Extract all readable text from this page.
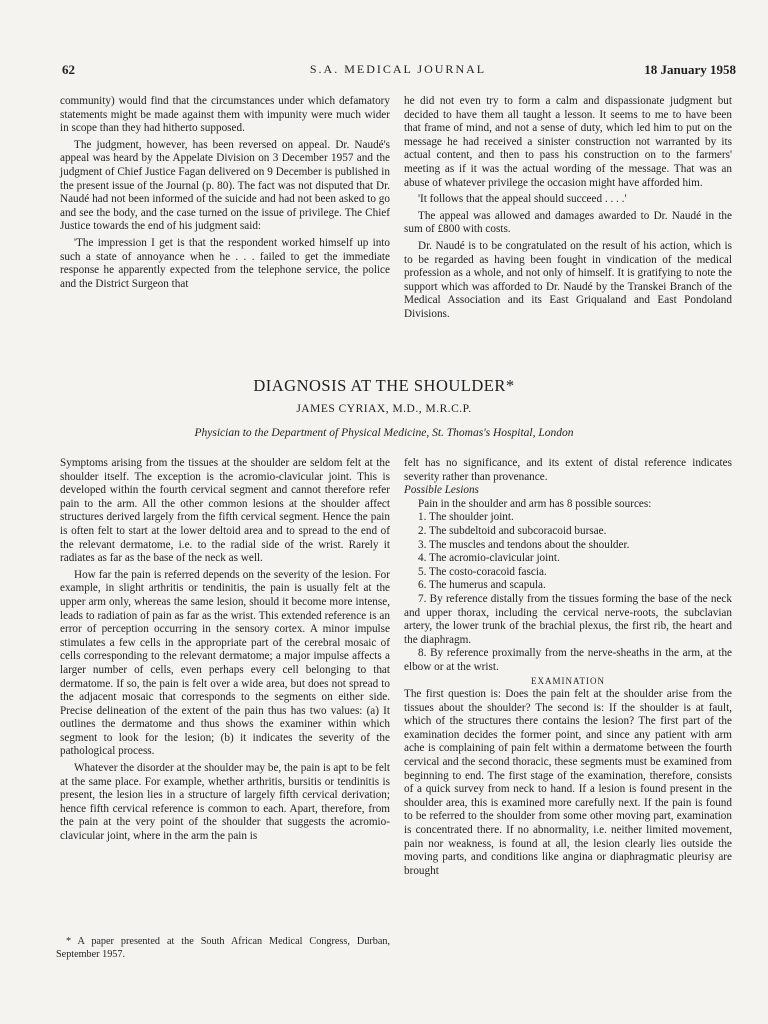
62	S.A. MEDICAL JOURNAL	18 January 1958

community) would find that the circumstances under which defamatory statements might be made against them with impunity were much wider in scope than they had hitherto supposed.

The judgment, however, has been reversed on appeal. Dr. Naudé's appeal was heard by the Appelate Division on 3 December 1957 and the judgment of Chief Justice Fagan delivered on 9 December is published in the present issue of the Journal (p. 80). The fact was not disputed that Dr. Naudé had not been informed of the suicide and had not been asked to go and see the body, and the case turned on the issue of privilege. The Chief Justice towards the end of his judgment said:

'The impression I get is that the respondent worked himself up into such a state of annoyance when he . . . failed to get the immediate response he apparently expected from the telephone service, the police and the District Surgeon that

he did not even try to form a calm and dispassionate judgment but decided to have them all taught a lesson. It seems to me to have been that frame of mind, and not a sense of duty, which led him to put on the message he had received a sinister construction not warranted by its actual content, and then to pass his construction on to the farmers' meeting as if it was the actual wording of the message. That was an abuse of whatever privilege the occasion might have afforded him.

'It follows that the appeal should succeed . . . .'

The appeal was allowed and damages awarded to Dr. Naudé in the sum of £800 with costs.

Dr. Naudé is to be congratulated on the result of his action, which is to be regarded as having been fought in vindication of the medical profession as a whole, and not only of himself. It is gratifying to note the support which was afforded to Dr. Naudé by the Transkei Branch of the Medical Association and its East Griqualand and East Pondoland Divisions.

DIAGNOSIS AT THE SHOULDER*
JAMES CYRIAX, M.D., M.R.C.P.
Physician to the Department of Physical Medicine, St. Thomas's Hospital, London

Symptoms arising from the tissues at the shoulder are seldom felt at the shoulder itself. The exception is the acromio-clavicular joint. This is developed within the fourth cervical segment and cannot therefore refer pain to the arm. All the other common lesions at the shoulder affect structures derived largely from the fifth cervical segment. Hence the pain is often felt to start at the lower deltoid area and to spread to the end of the relevant dermatome, i.e. to the radial side of the wrist. Rarely it radiates as far as the base of the neck as well.

How far the pain is referred depends on the severity of the lesion. For example, in slight arthritis or tendinitis, the pain is usually felt at the upper arm only, whereas the same lesion, should it become more intense, leads to radiation of pain as far as the wrist. This extended reference is an error of perception occurring in the sensory cortex. A minor impulse stimulates a few cells in the appropriate part of the cerebral mosaic of cells corresponding to the relevant dermatome; a major impulse affects a larger number of cells, even perhaps every cell belonging to that dermatome. If so, the pain is felt over a wide area, but does not spread to the adjacent mosaic that corresponds to the segments on either side. Precise delineation of the extent of the pain thus has two values: (a) It outlines the dermatome and thus shows the examiner within which segment to look for the lesion; (b) it indicates the severity of the pathological process.

Whatever the disorder at the shoulder may be, the pain is apt to be felt at the same place. For example, whether arthritis, bursitis or tendinitis is present, the lesion lies in a structure of largely fifth cervical derivation; hence fifth cervical reference is common to each. Apart, therefore, from the pain at the very point of the shoulder that suggests the acromio-clavicular joint, where in the arm the pain is

* A paper presented at the South African Medical Congress, Durban, September 1957.

felt has no significance, and its extent of distal reference indicates severity rather than provenance.

Possible Lesions

Pain in the shoulder and arm has 8 possible sources:

1. The shoulder joint.

2. The subdeltoid and subcoracoid bursae.

3. The muscles and tendons about the shoulder.

4. The acromio-clavicular joint.

5. The costo-coracoid fascia.

6. The humerus and scapula.

7. By reference distally from the tissues forming the base of the neck and upper thorax, including the cervical nerve-roots, the subclavian artery, the lower trunk of the brachial plexus, the first rib, the heart and the diaphragm.

8. By reference proximally from the nerve-sheaths in the arm, at the elbow or at the wrist.

EXAMINATION

The first question is: Does the pain felt at the shoulder arise from the tissues about the shoulder? The second is: If the shoulder is at fault, which of the structures there contains the lesion? The first part of the examination decides the former point, and since any patient with arm ache is complaining of pain felt within a dermatome between the fourth cervical and the second thoracic, these segments must be examined from beginning to end. The first stage of the examination, therefore, consists of a quick survey from neck to hand. If a lesion is found present in the shoulder area, this is examined more carefully next. If the pain is found to be referred to the shoulder from some other moving part, examination is concentrated there. If no abnormality, i.e. neither limited movement, pain nor weakness, is found at all, the lesion clearly lies outside the moving parts, and conditions like angina or diaphragmatic pleurisy are brought
